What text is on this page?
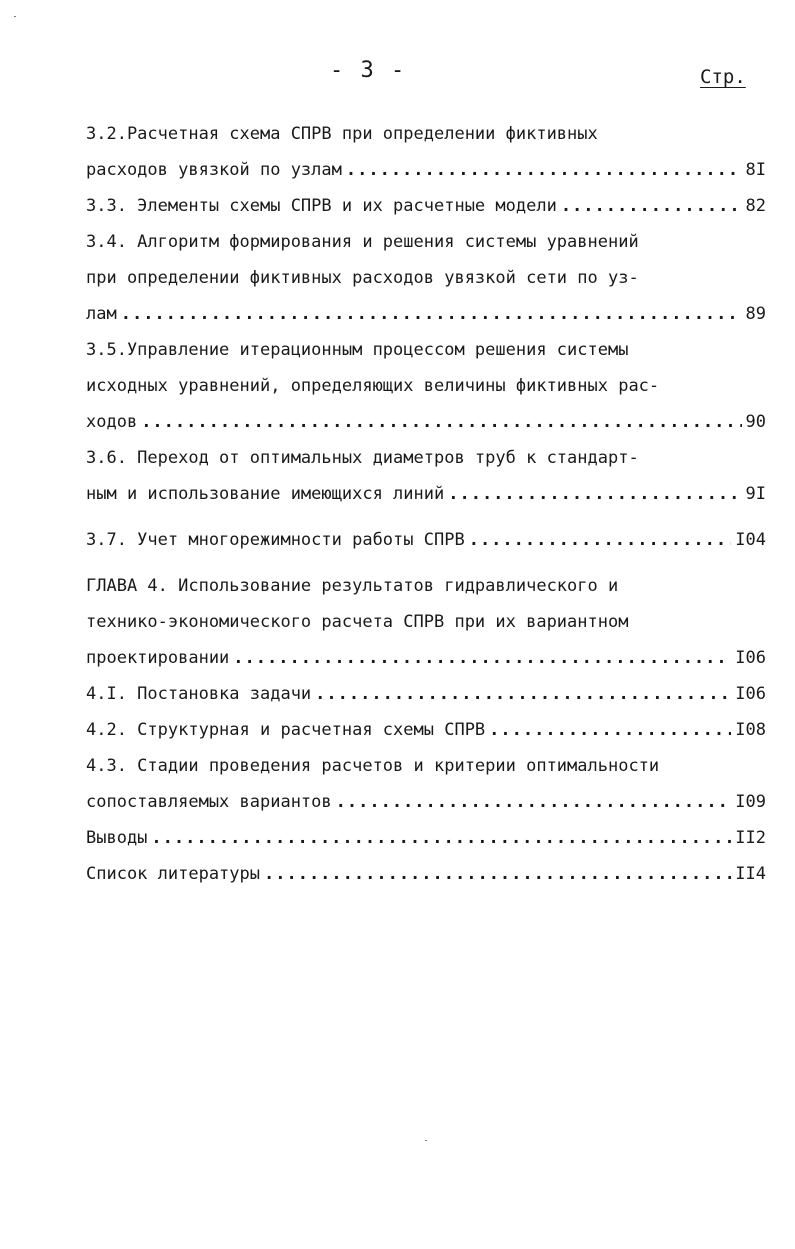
- 3 -	Стр.
3.2.Расчетная схема СПРВ при определении фиктивных
расходов увязкой по узлам .....	8I
3.3. Элементы схемы СПРВ и их расчетные модели .....	82
3.4. Алгоритм формирования и решения системы уравнений
при определении фиктивных расходов увязкой сети по уз-
лам .....	89
3.5.Управление итерационным процессом решения системы
исходных уравнений, определяющих величины фиктивных рас-
ходов .....	90
3.6. Переход от оптимальных диаметров труб к стандарт-
ным и использование имеющихся линий .....	9I
3.7. Учет многорежимности работы СПРВ .....	I04
ГЛАВА 4. Использование результатов гидравлического и
технико-экономического расчета СПРВ при их вариантном
проектировании .....	I06
4.I. Постановка задачи .....	I06
4.2. Структурная и расчетная схемы СПРВ .....	I08
4.3. Стадии проведения расчетов и критерии оптимальности
сопоставляемых вариантов .....	I09
Выводы .....	II2
Список литературы .....	II4
